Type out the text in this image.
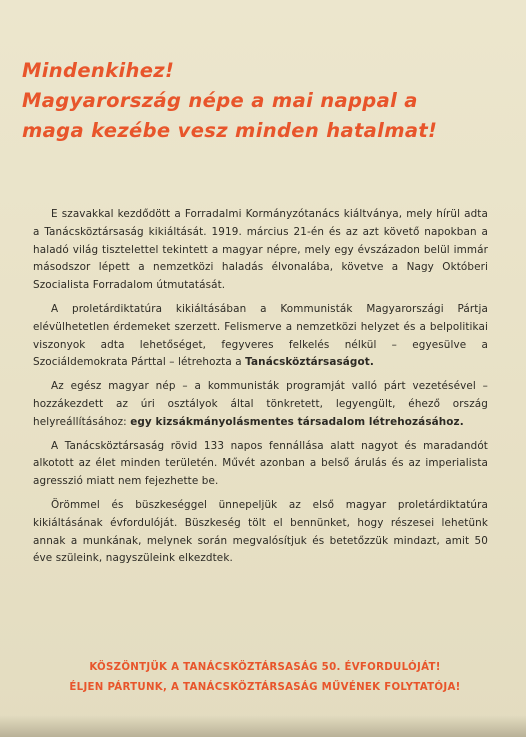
Mindenkihez!
Magyarország népe a mai nappal a
maga kezébe vesz minden hatalmat!

E szavakkal kezdődött a Forradalmi Kormányzótanács kiáltványa, mely hírül adta a Tanácsköztársaság kikiáltását. 1919. március 21-én és az azt követő napokban a haladó világ tisztelettel tekintett a magyar népre, mely egy évszázadon belül immár másodszor lépett a nemzetközi haladás élvonalába, követve a Nagy Októberi Szocialista Forradalom útmutatását.

A proletárdiktatúra kikiáltásában a Kommunisták Magyarországi Pártja elévülhetetlen érdemeket szerzett. Felismerve a nemzetközi helyzet és a belpolitikai viszonyok adta lehetőséget, fegyveres felkelés nélkül – egyesülve a Szociáldemokrata Párttal – létrehozta a Tanácsköztársaságot.

Az egész magyar nép – a kommunisták programját valló párt vezetésével – hozzákezdett az úri osztályok által tönkretett, legyengült, éhező ország helyreállításához: egy kizsákmányolásmentes társadalom létrehozásához.

A Tanácsköztársaság rövid 133 napos fennállása alatt nagyot és maradandót alkotott az élet minden területén. Művét azonban a belső árulás és az imperialista agresszió miatt nem fejezhette be.

Örömmel és büszkeséggel ünnepeljük az első magyar proletárdiktatúra kikiáltásának évfordulóját. Büszkeség tölt el bennünket, hogy részesei lehetünk annak a munkának, melynek során megvalósítjuk és betetőzzük mindazt, amit 50 éve szüleink, nagyszüleink elkezdtek.

KÖSZÖNTJÜK A TANÁCSKÖZTÁRSASÁG 50. ÉVFORDULÓJÁT!
ÉLJEN PÁRTUNK, A TANÁCSKÖZTÁRSASÁG MŰVÉNEK FOLYTATÓJA!
